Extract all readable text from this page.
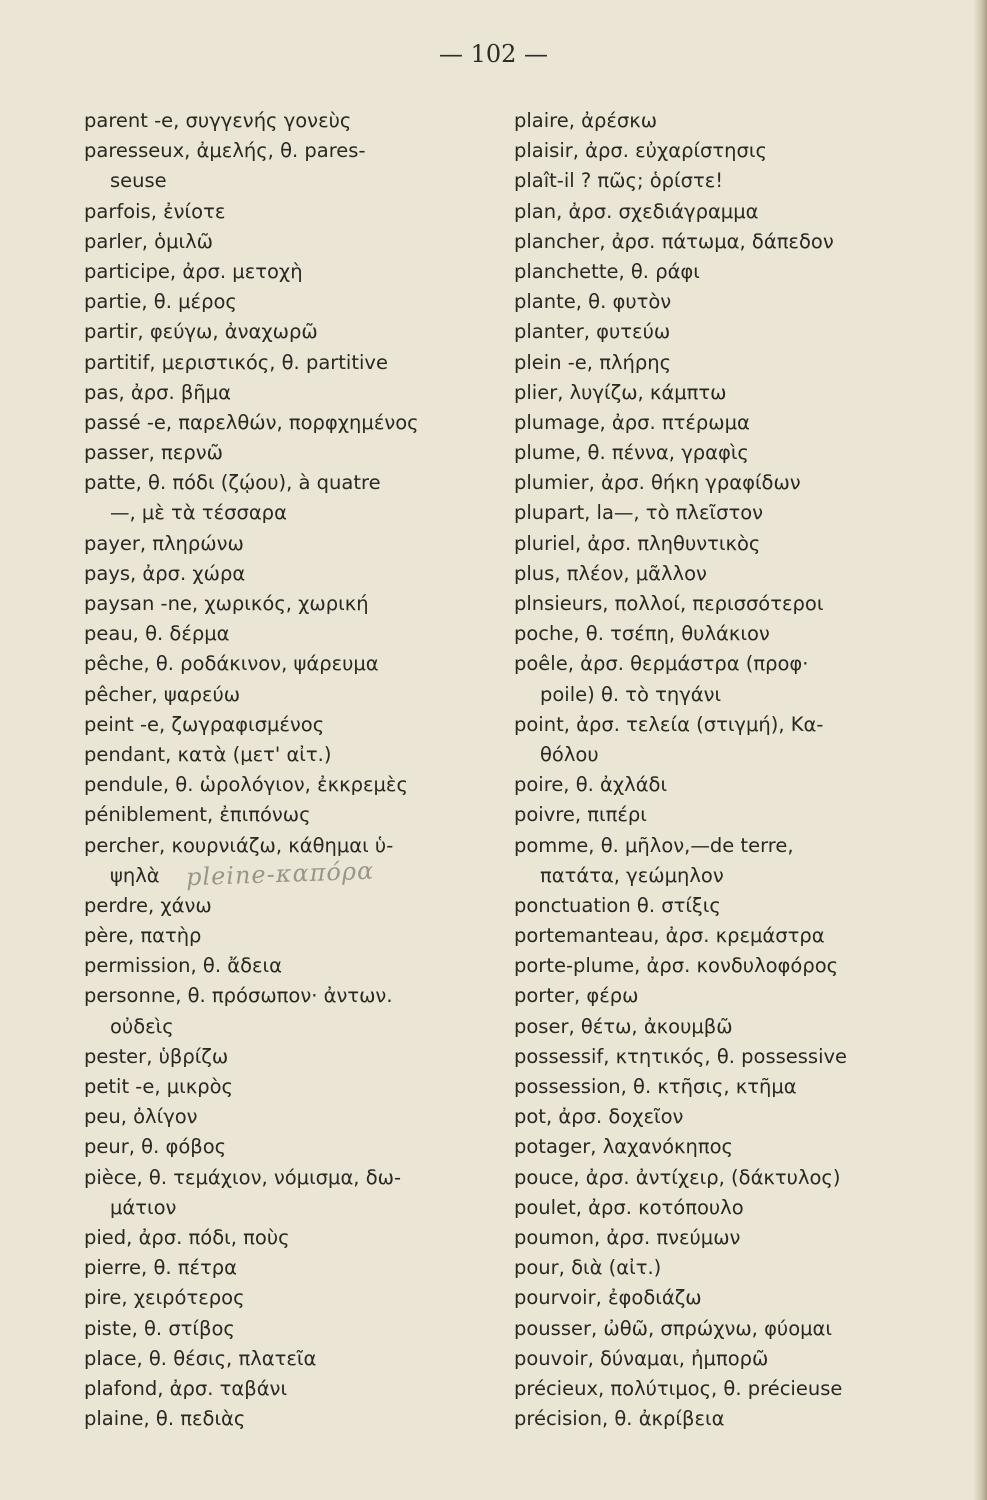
— 102 —
parent -e, συγγενής γονεὺς
paresseux, ἀμελής, θ. pares-
seuse
parfois, ἐνίοτε
parler, ὁμιλῶ
participe, ἀρσ. μετοχὴ
partie, θ. μέρος
partir, φεύγω, ἀναχωρῶ
partitif, μεριστικός, θ. partitive
pas, ἀρσ. βῆμα
passé -e, παρελθών, πορφχημένος
passer, περνῶ
patte, θ. πόδι (ζῴου), à quatre
—, μὲ τὰ τέσσαρα
payer, πληρώνω
pays, ἀρσ. χώρα
paysan -ne, χωρικός, χωρική
peau, θ. δέρμα
pêche, θ. ροδάκινον, ψάρευμα
pêcher, ψαρεύω
peint -e, ζωγραφισμένος
pendant, κατὰ (μετ' αἰτ.)
pendule, θ. ὡρολόγιον, ἐκκρεμὲς
péniblement, ἐπιπόνως
percher, κουρνιάζω, κάθημαι ὑ-
ψηλὰ
perdre, χάνω
père, πατὴρ
permission, θ. ἄδεια
personne, θ. πρόσωπον· ἀντων.
οὐδεὶς
pester, ὑβρίζω
petit -e, μικρὸς
peu, ὀλίγον
peur, θ. φόβος
pièce, θ. τεμάχιον, νόμισμα, δω-
μάτιον
pied, ἀρσ. πόδι, ποὺς
pierre, θ. πέτρα
pire, χειρότερος
piste, θ. στίβος
place, θ. θέσις, πλατεῖα
plafond, ἀρσ. ταβάνι
plaine, θ. πεδιὰς
plaire, ἀρέσκω
plaisir, ἀρσ. εὐχαρίστησις
plaît-il ? πῶς; ὁρίστε!
plan, ἀρσ. σχεδιάγραμμα
plancher, ἀρσ. πάτωμα, δάπεδον
planchette, θ. ράφι
plante, θ. φυτὸν
planter, φυτεύω
plein -e, πλήρης
plier, λυγίζω, κάμπτω
plumage, ἀρσ. πτέρωμα
plume, θ. πέννα, γραφὶς
plumier, ἀρσ. θήκη γραφίδων
plupart, la—, τὸ πλεῖστον
pluriel, ἀρσ. πληθυντικὸς
plus, πλέον, μᾶλλον
plnsieurs, πολλοί, περισσότεροι
poche, θ. τσέπη, θυλάκιον
poêle, ἀρσ. θερμάστρα (προφ·
poile) θ. τὸ τηγάνι
point, ἀρσ. τελεία (στιγμή), Κα-
θόλου
poire, θ. ἀχλάδι
poivre, πιπέρι
pomme, θ. μῆλον,—de terre,
πατάτα, γεώμηλον
ponctuation θ. στίξις
portemanteau, ἀρσ. κρεμάστρα
porte-plume, ἀρσ. κονδυλοφόρος
porter, φέρω
poser, θέτω, ἀκουμβῶ
possessif, κτητικός, θ. possessive
possession, θ. κτῆσις, κτῆμα
pot, ἀρσ. δοχεῖον
potager, λαχανόκηπος
pouce, ἀρσ. ἀντίχειρ, (δάκτυλος)
poulet, ἀρσ. κοτόπουλο
poumon, ἀρσ. πνεύμων
pour, διὰ (αἰτ.)
pourvoir, ἐφοδιάζω
pousser, ὠθῶ, σπρώχνω, φύομαι
pouvoir, δύναμαι, ἠμπορῶ
précieux, πολύτιμος, θ. précieuse
précision, θ. ἀκρίβεια
pleine-καπόρα
